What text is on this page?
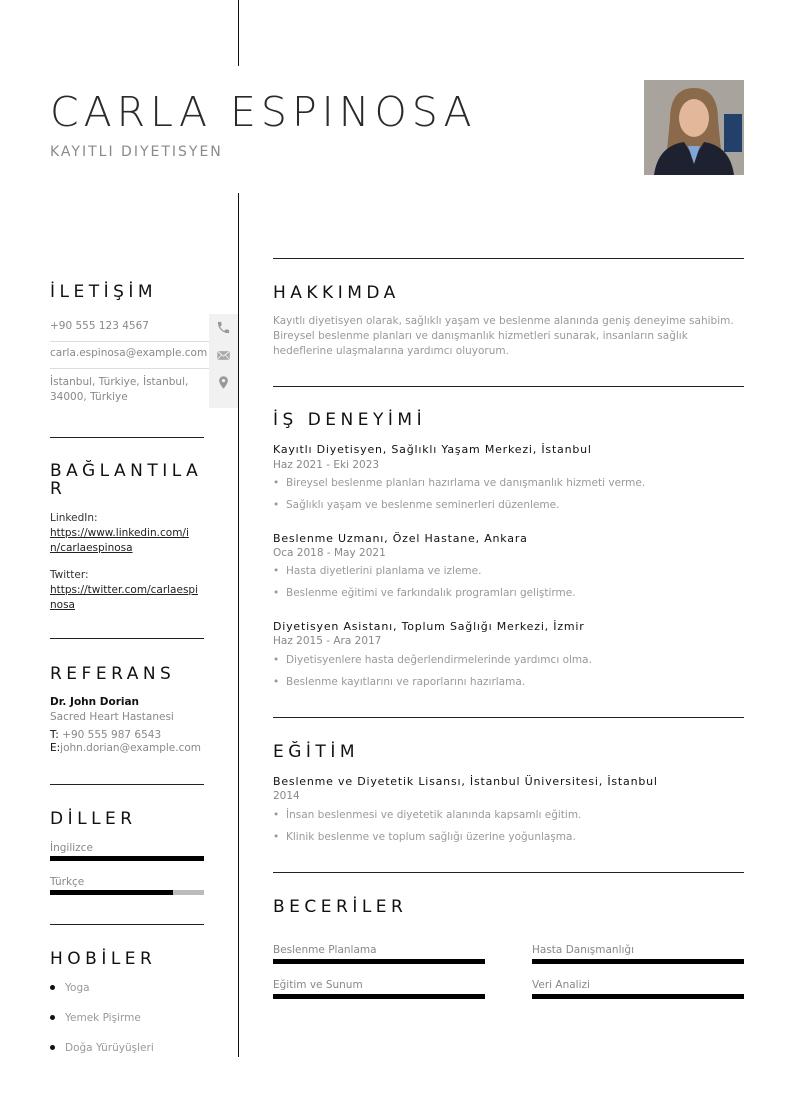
CARLA ESPINOSA
KAYITLI DIYETISYEN
İLETİŞİM
+90 555 123 4567
carla.espinosa@example.com
İstanbul, Türkiye, İstanbul,
34000, Türkiye
BAĞLANTILA
R
LinkedIn:
https://www.linkedin.com/i
n/carlaespinosa
Twitter:
https://twitter.com/carlaespi
nosa
REFERANS
Dr. John Dorian
Sacred Heart Hastanesi
T: +90 555 987 6543
E:john.dorian@example.com
DİLLER
İngilizce
Türkçe
HOBİLER
Yoga
Yemek Pişirme
Doğa Yürüyüşleri
HAKKIMDA
Kayıtlı diyetisyen olarak, sağlıklı yaşam ve beslenme alanında geniş deneyime sahibim.
Bireysel beslenme planları ve danışmanlık hizmetleri sunarak, insanların sağlık
hedeflerine ulaşmalarına yardımcı oluyorum.
İŞ DENEYİMİ
Kayıtlı Diyetisyen, Sağlıklı Yaşam Merkezi, İstanbul
Haz 2021 - Eki 2023
• Bireysel beslenme planları hazırlama ve danışmanlık hizmeti verme.
• Sağlıklı yaşam ve beslenme seminerleri düzenleme.
Beslenme Uzmanı, Özel Hastane, Ankara
Oca 2018 - May 2021
• Hasta diyetlerini planlama ve izleme.
• Beslenme eğitimi ve farkındalık programları geliştirme.
Diyetisyen Asistanı, Toplum Sağlığı Merkezi, İzmir
Haz 2015 - Ara 2017
• Diyetisyenlere hasta değerlendirmelerinde yardımcı olma.
• Beslenme kayıtlarını ve raporlarını hazırlama.
EĞİTİM
Beslenme ve Diyetetik Lisansı, İstanbul Üniversitesi, İstanbul
2014
• İnsan beslenmesi ve diyetetik alanında kapsamlı eğitim.
• Klinik beslenme ve toplum sağlığı üzerine yoğunlaşma.
BECERİLER
Beslenme Planlama	Hasta Danışmanlığı
Eğitim ve Sunum	Veri Analizi
